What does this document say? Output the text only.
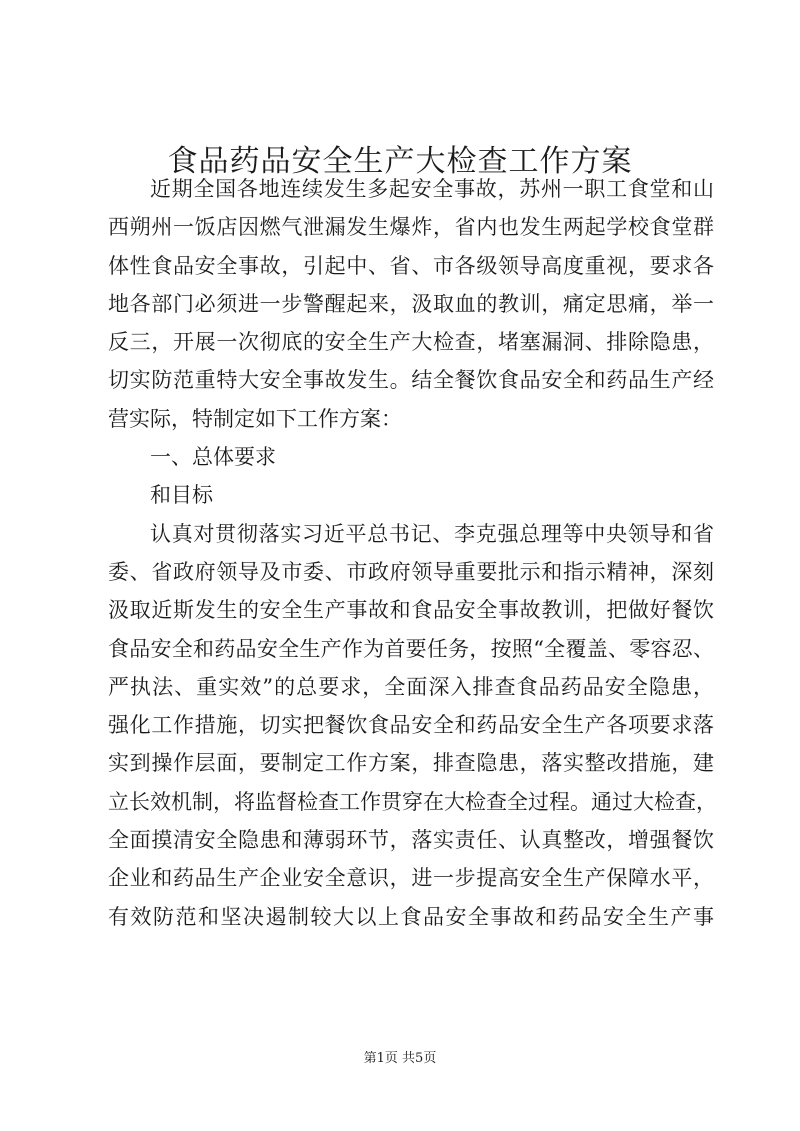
食品药品安全生产大检查工作方案
近期全国各地连续发生多起安全事故，苏州一职工食堂和山
西朔州一饭店因燃气泄漏发生爆炸，省内也发生两起学校食堂群
体性食品安全事故，引起中、省、市各级领导高度重视，要求各
地各部门必须进一步警醒起来，汲取血的教训，痛定思痛，举一
反三，开展一次彻底的安全生产大检查，堵塞漏洞、排除隐患，
切实防范重特大安全事故发生。结全餐饮食品安全和药品生产经
营实际，特制定如下工作方案：
一、总体要求
和目标
认真对贯彻落实习近平总书记、李克强总理等中央领导和省
委、省政府领导及市委、市政府领导重要批示和指示精神，深刻
汲取近斯发生的安全生产事故和食品安全事故教训，把做好餐饮
食品安全和药品安全生产作为首要任务，按照“全覆盖、零容忍、
严执法、重实效”的总要求，全面深入排查食品药品安全隐患，
强化工作措施，切实把餐饮食品安全和药品安全生产各项要求落
实到操作层面，要制定工作方案，排查隐患，落实整改措施，建
立长效机制，将监督检查工作贯穿在大检查全过程。通过大检查，
全面摸清安全隐患和薄弱环节，落实责任、认真整改，增强餐饮
企业和药品生产企业安全意识，进一步提高安全生产保障水平，
有效防范和坚决遏制较大以上食品安全事故和药品安全生产事
第1页 共5页
